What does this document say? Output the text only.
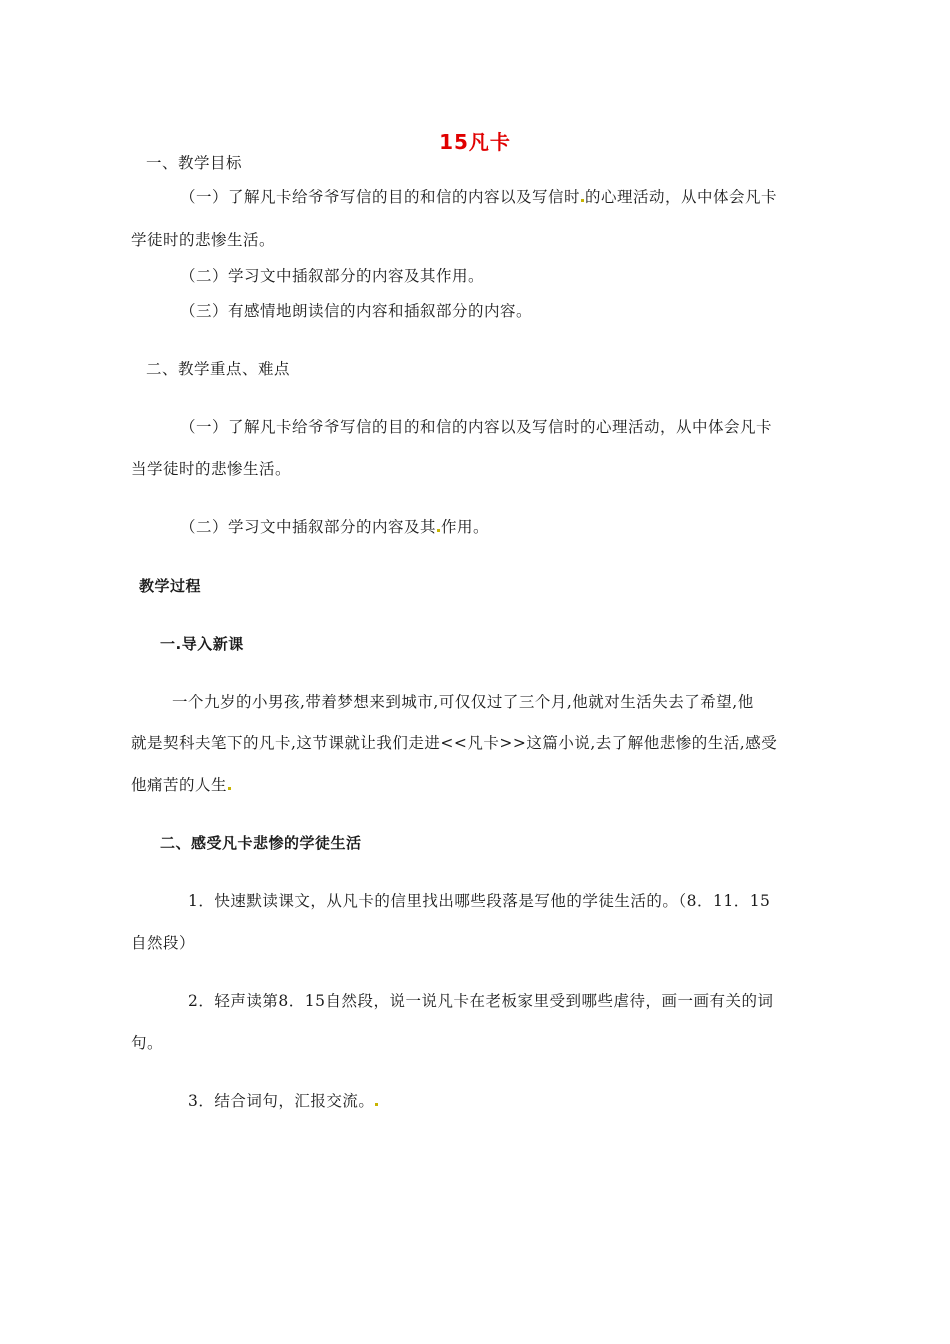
15凡卡
一、教学目标
（一）了解凡卡给爷爷写信的目的和信的内容以及写信时 的心理活动，从中体会凡卡
学徒时的悲惨生活。
（二）学习文中插叙部分的内容及其作用。
（三）有感情地朗读信的内容和插叙部分的内容。
二、教学重点、难点
（一）了解凡卡给爷爷写信的目的和信的内容以及写信时的心理活动，从中体会凡卡
当学徒时的悲惨生活。
（二）学习文中插叙部分的内容及其 作用。
教学过程
一.导入新课
一个九岁的小男孩,带着梦想来到城市,可仅仅过了三个月,他就对生活失去了希望,他
就是契科夫笔下的凡卡,这节课就让我们走进<<凡卡>>这篇小说,去了解他悲惨的生活,感受
他痛苦的人生
二、感受凡卡悲惨的学徒生活
1．快速默读课文，从凡卡的信里找出哪些段落是写他的学徒生活的。（8．11．15
自然段）
2．轻声读第8．15自然段，说一说凡卡在老板家里受到哪些虐待，画一画有关的词
句。
3．结合词句，汇报交流。
